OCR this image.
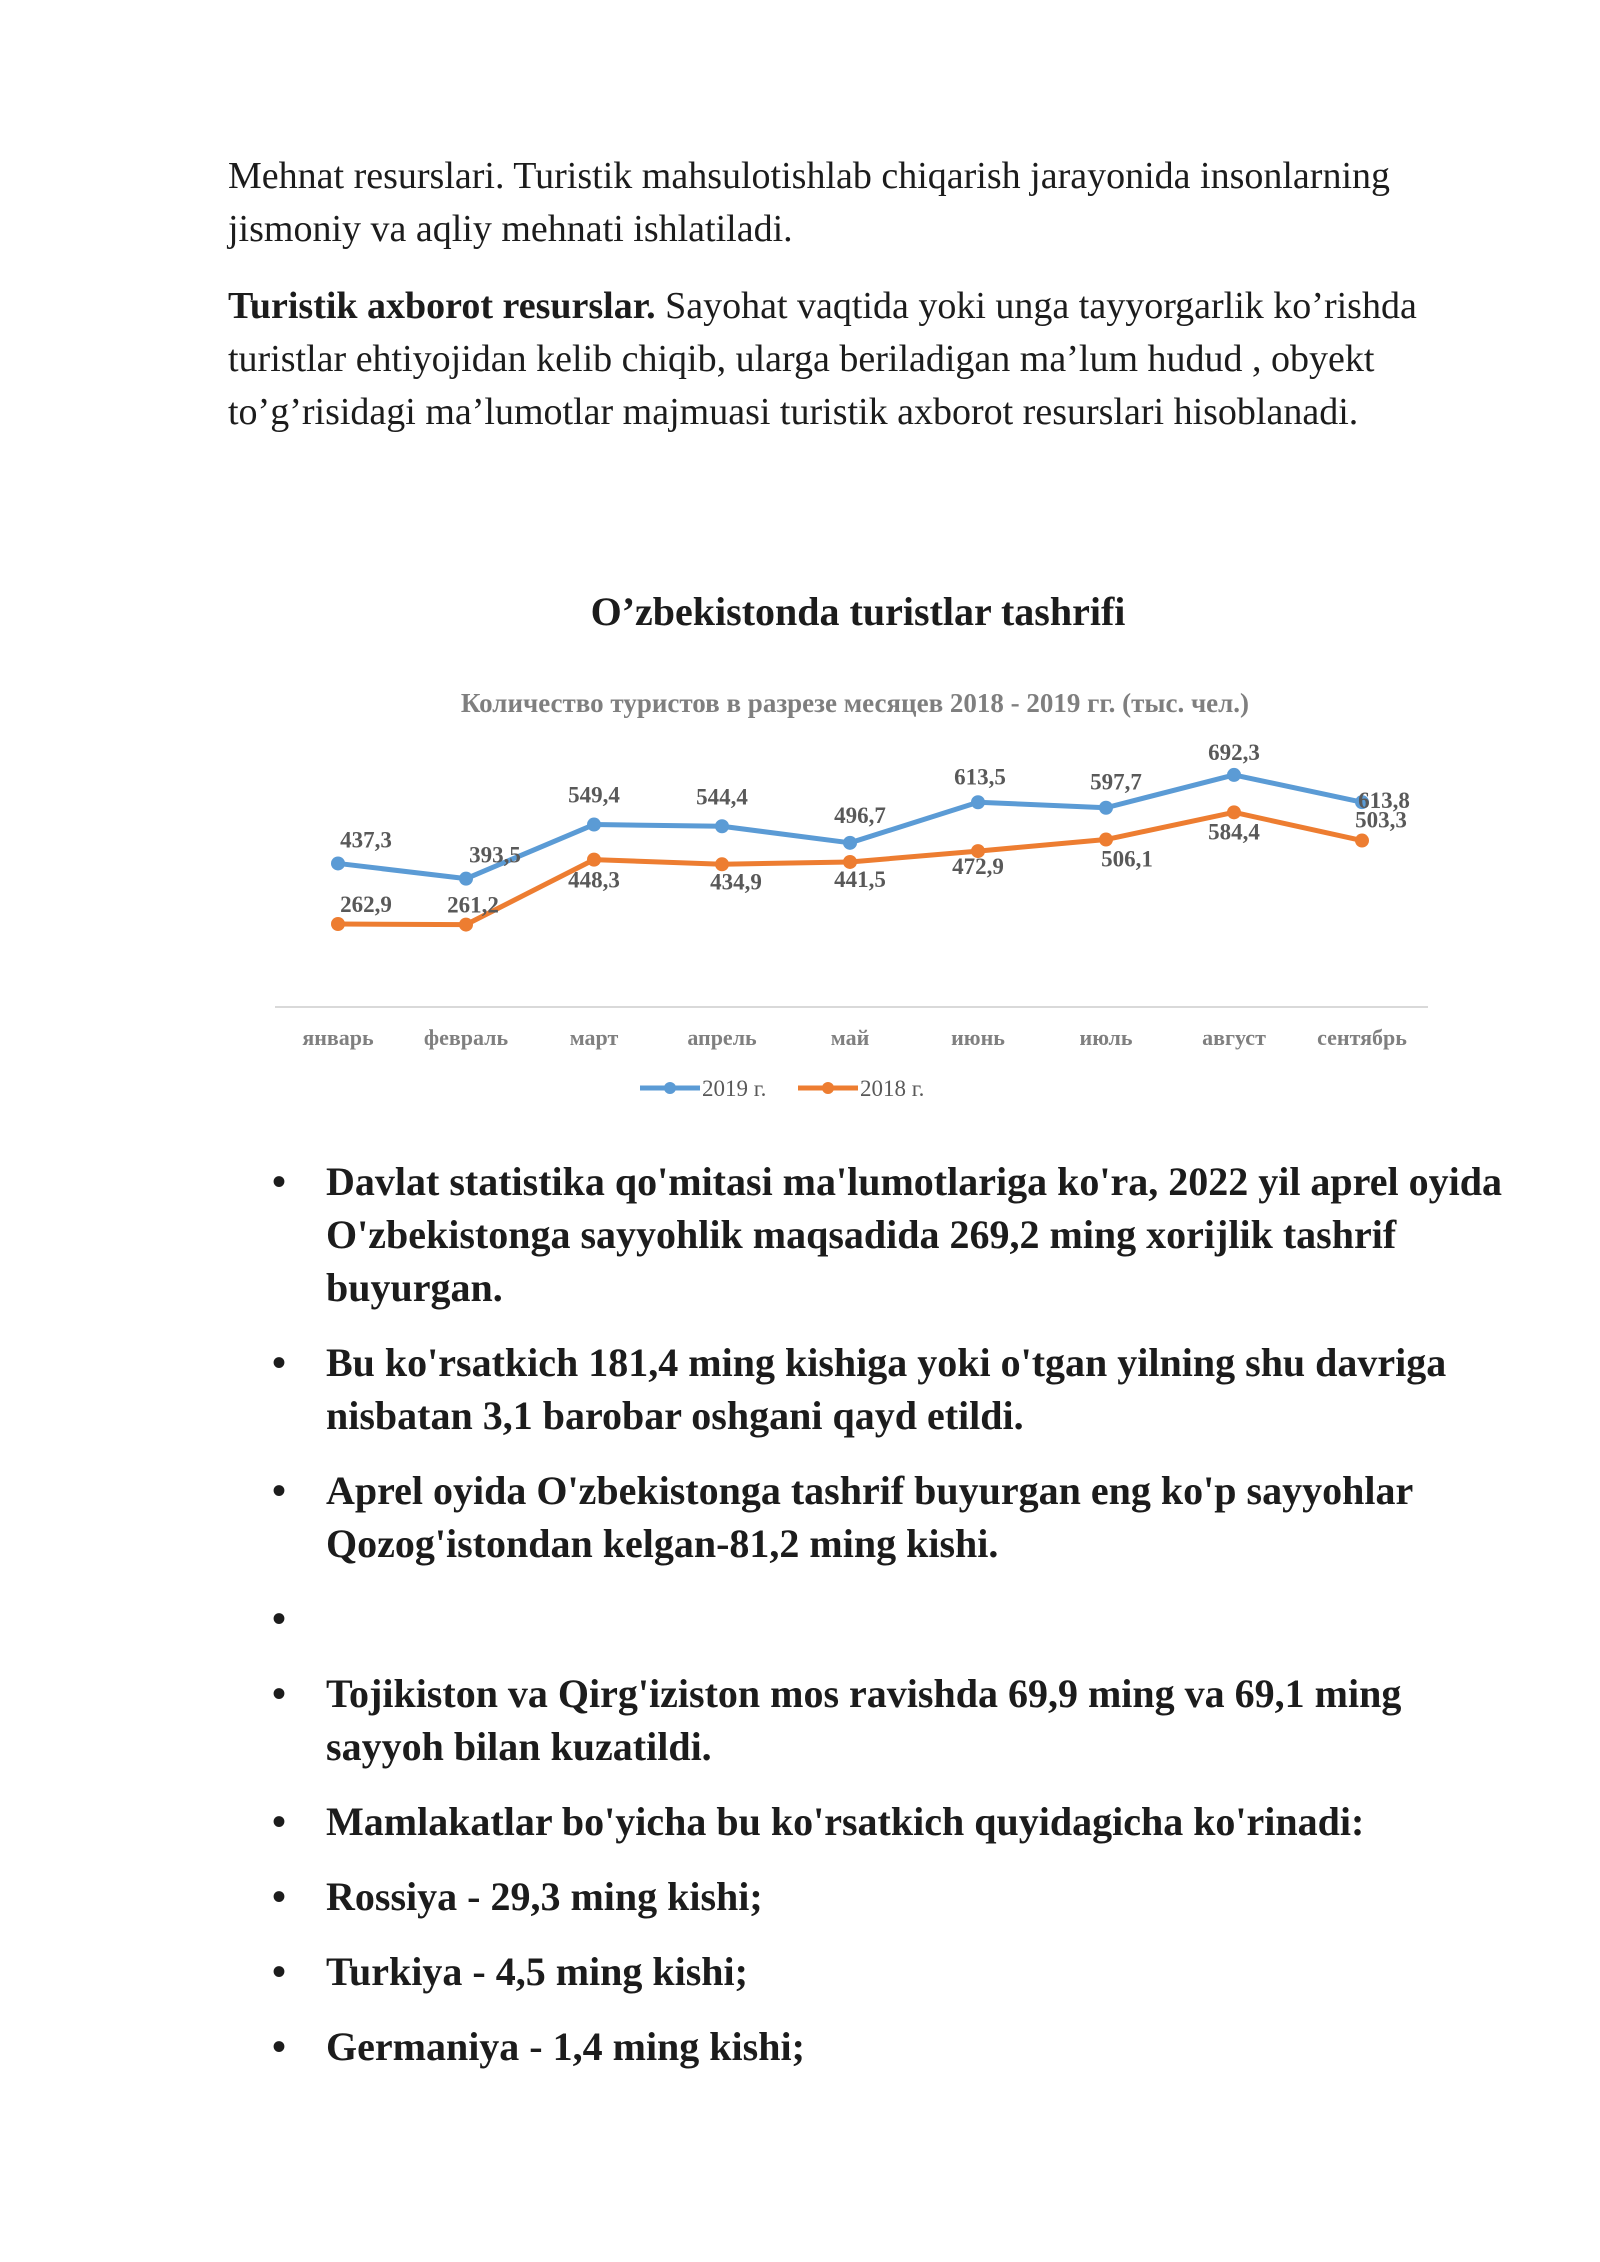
Mehnat resurslari. Turistik mahsulotishlab chiqarish jarayonida insonlarning jismoniy va aqliy mehnati ishlatiladi.

Turistik axborot resurslar. Sayohat vaqtida yoki unga tayyorgarlik ko’rishda turistlar ehtiyojidan kelib chiqib, ularga beriladigan ma’lum hudud , obyekt to’g’risidagi ma’lumotlar majmuasi turistik axborot resurslari hisoblanadi.

O’zbekistonda turistlar tashrifi
Количество туристов в разрезе месяцев 2018 - 2019 гг. (тыс. чел.)
январь февраль	март	апрель	май	июнь	июль	август сентябрь
437,3
393,5
549,4	544,4
496,7
613,5	597,7
692,3
613,8
262,9 261,2
448,3	434,9	441,5
472,9	506,1
584,4	503,3
2019 г.	2018 г.
• Davlat statistika qo'mitasi ma'lumotlariga ko'ra, 2022 yil aprel oyida O'zbekistonga sayyohlik maqsadida 269,2 ming xorijlik tashrif buyurgan.
• Bu ko'rsatkich 181,4 ming kishiga yoki o'tgan yilning shu davriga nisbatan 3,1 barobar oshgani qayd etildi.
• Aprel oyida O'zbekistonga tashrif buyurgan eng ko'p sayyohlar Qozog'istondan kelgan-81,2 ming kishi.
•
• Tojikiston va Qirg'iziston mos ravishda 69,9 ming va 69,1 ming sayyoh bilan kuzatildi.
• Mamlakatlar bo'yicha bu ko'rsatkich quyidagicha ko'rinadi:
• Rossiya - 29,3 ming kishi;
• Turkiya - 4,5 ming kishi;
• Germaniya - 1,4 ming kishi;
